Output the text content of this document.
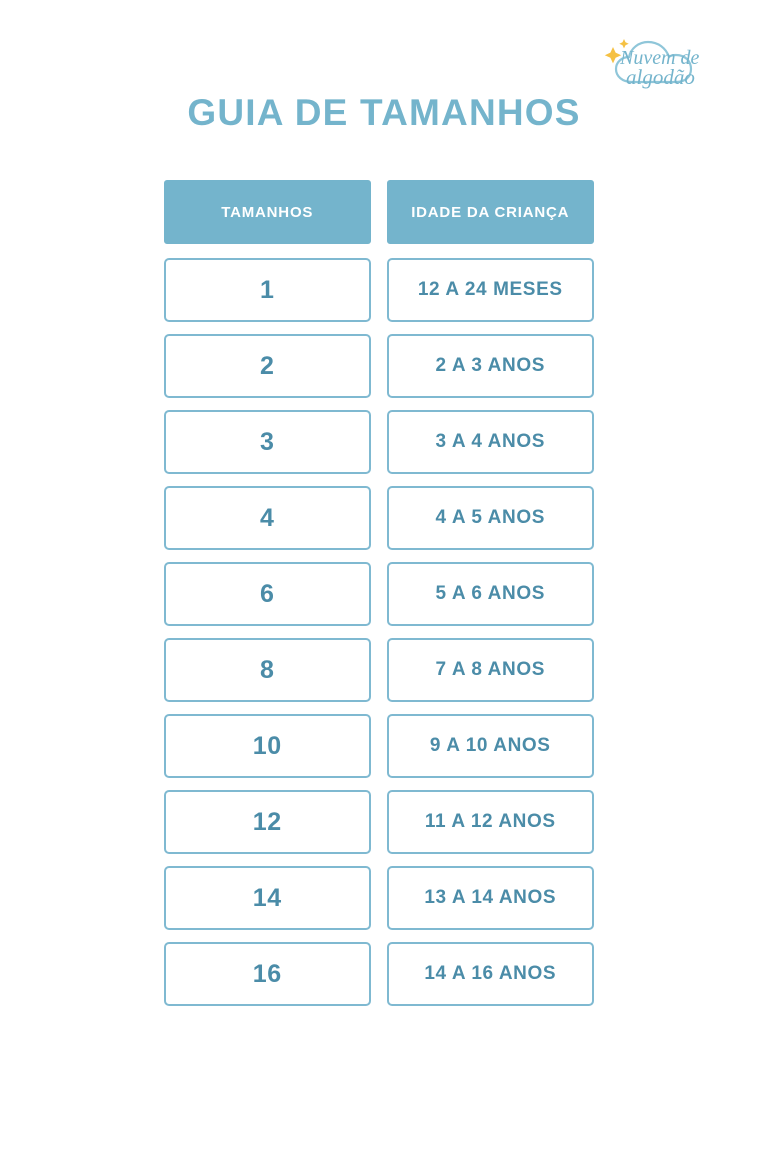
Nuvem de
algodão
GUIA DE TAMANHOS
TAMANHOS	IDADE DA CRIANÇA
1	12 A 24 MESES
2	2 A 3 ANOS
3	3 A 4 ANOS
4	4 A 5 ANOS
6	5 A 6 ANOS
8	7 A 8 ANOS
10	9 A 10 ANOS
12	11 A 12 ANOS
14	13 A 14 ANOS
16	14 A 16 ANOS
